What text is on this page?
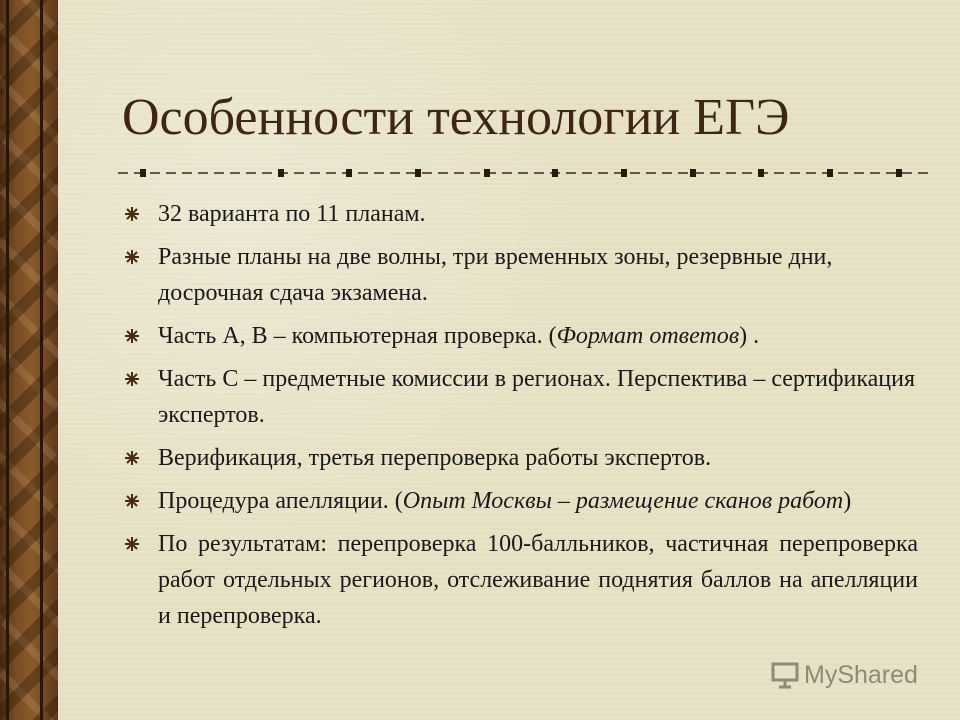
Особенности технологии ЕГЭ
32 варианта по 11 планам.
Разные планы на две волны, три временных зоны, резервные дни, досрочная сдача экзамена.
Часть А, В – компьютерная проверка. (Формат ответов) .
Часть С – предметные комиссии в регионах. Перспектива – сертификация экспертов.
Верификация, третья перепроверка работы экспертов.
Процедура апелляции. (Опыт Москвы – размещение сканов работ)
По результатам: перепроверка 100-балльников, частичная перепроверка работ отдельных регионов, отслеживание поднятия баллов на апелляции и перепроверка.
MyShared
